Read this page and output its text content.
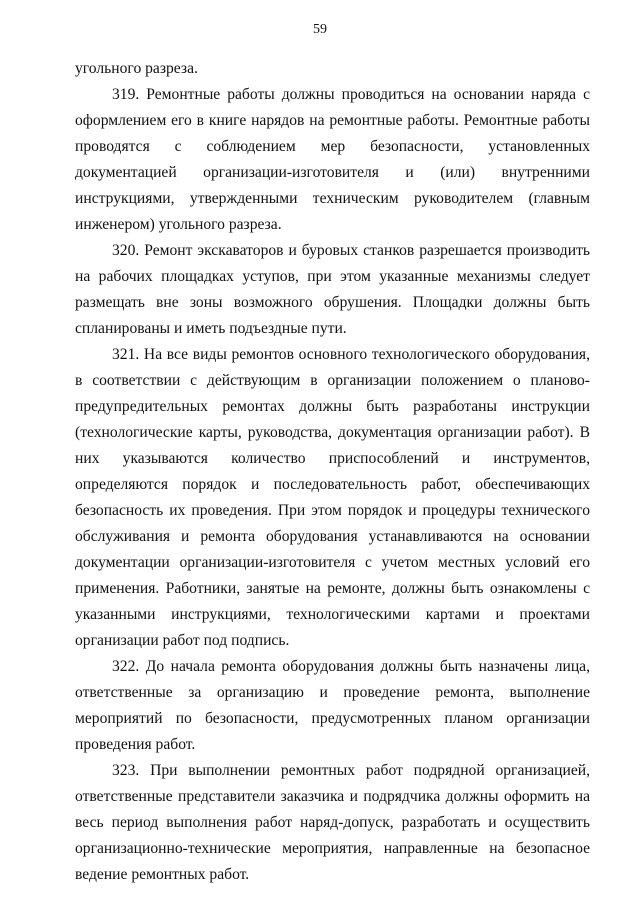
59

угольного разреза.

319. Ремонтные работы должны проводиться на основании наряда с оформлением его в книге нарядов на ремонтные работы. Ремонтные работы проводятся с соблюдением мер безопасности, установленных документацией организации-изготовителя и (или) внутренними инструкциями, утвержденными техническим руководителем (главным инженером) угольного разреза.

320. Ремонт экскаваторов и буровых станков разрешается производить на рабочих площадках уступов, при этом указанные механизмы следует размещать вне зоны возможного обрушения. Площадки должны быть спланированы и иметь подъездные пути.

321. На все виды ремонтов основного технологического оборудования, в соответствии с действующим в организации положением о планово-предупредительных ремонтах должны быть разработаны инструкции (технологические карты, руководства, документация организации работ). В них указываются количество приспособлений и инструментов, определяются порядок и последовательность работ, обеспечивающих безопасность их проведения. При этом порядок и процедуры технического обслуживания и ремонта оборудования устанавливаются на основании документации организации-изготовителя с учетом местных условий его применения. Работники, занятые на ремонте, должны быть ознакомлены с указанными инструкциями, технологическими картами и проектами организации работ под подпись.

322. До начала ремонта оборудования должны быть назначены лица, ответственные за организацию и проведение ремонта, выполнение мероприятий по безопасности, предусмотренных планом организации проведения работ.

323. При выполнении ремонтных работ подрядной организацией, ответственные представители заказчика и подрядчика должны оформить на весь период выполнения работ наряд-допуск, разработать и осуществить организационно-технические мероприятия, направленные на безопасное ведение ремонтных работ.
